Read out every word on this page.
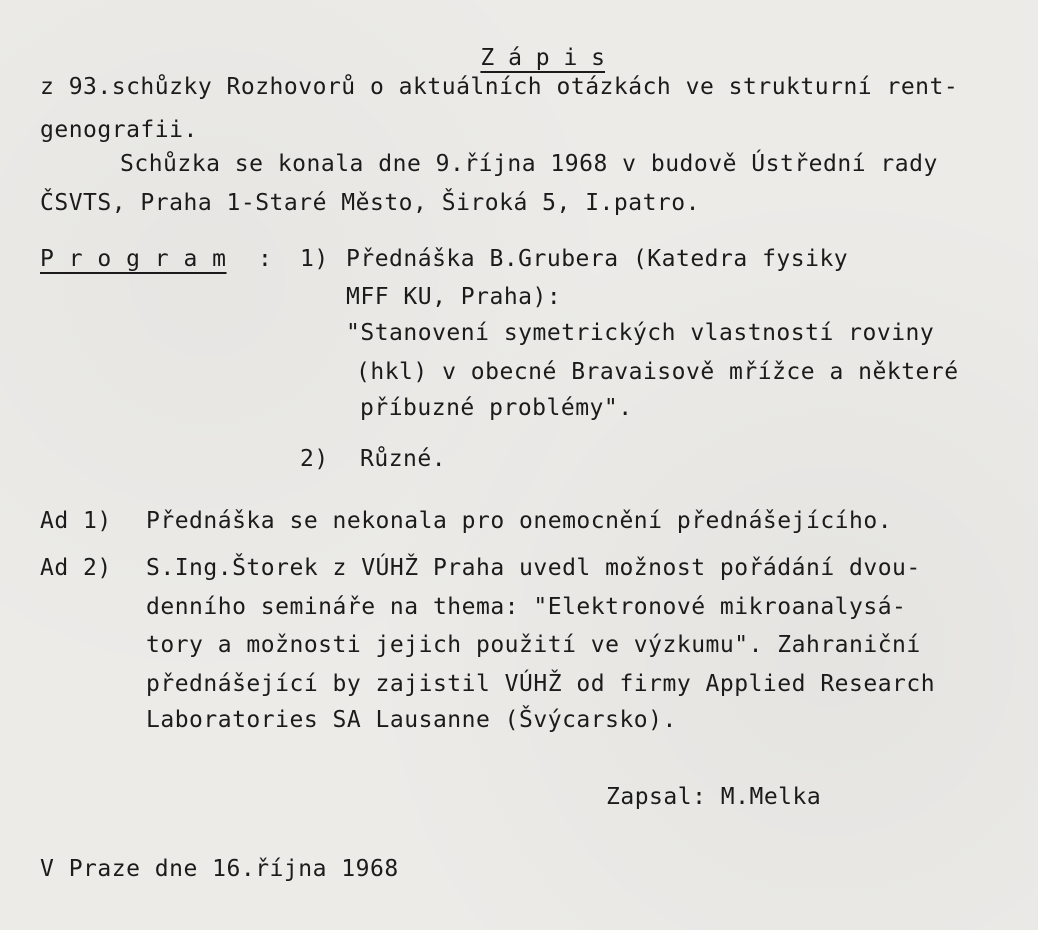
Z á p i s

z 93.schůzky Rozhovorů o aktuálních otázkách ve strukturní rent-
genografii.
Schůzka se konala dne 9.října 1968 v budově Ústřední rady
ČSVTS, Praha 1-Staré Město, Široká 5, I.patro.
P r o g r a m : 1) Přednáška B.Grubera (Katedra fysiky
MFF KU, Praha):
"Stanovení symetrických vlastností roviny
(hkl) v obecné Bravaisově mřížce a některé
příbuzné problémy".
2) Různé.
Ad 1) Přednáška se nekonala pro onemocnění přednášejícího.
Ad 2) S.Ing.Štorek z VÚHŽ Praha uvedl možnost pořádání dvou-
denního semináře na thema: "Elektronové mikroanalysá-
tory a možnosti jejich použití ve výzkumu". Zahraniční
přednášející by zajistil VÚHŽ od firmy Applied Research
Laboratories SA Lausanne (Švýcarsko).
Zapsal: M.Melka
V Praze dne 16.října 1968
